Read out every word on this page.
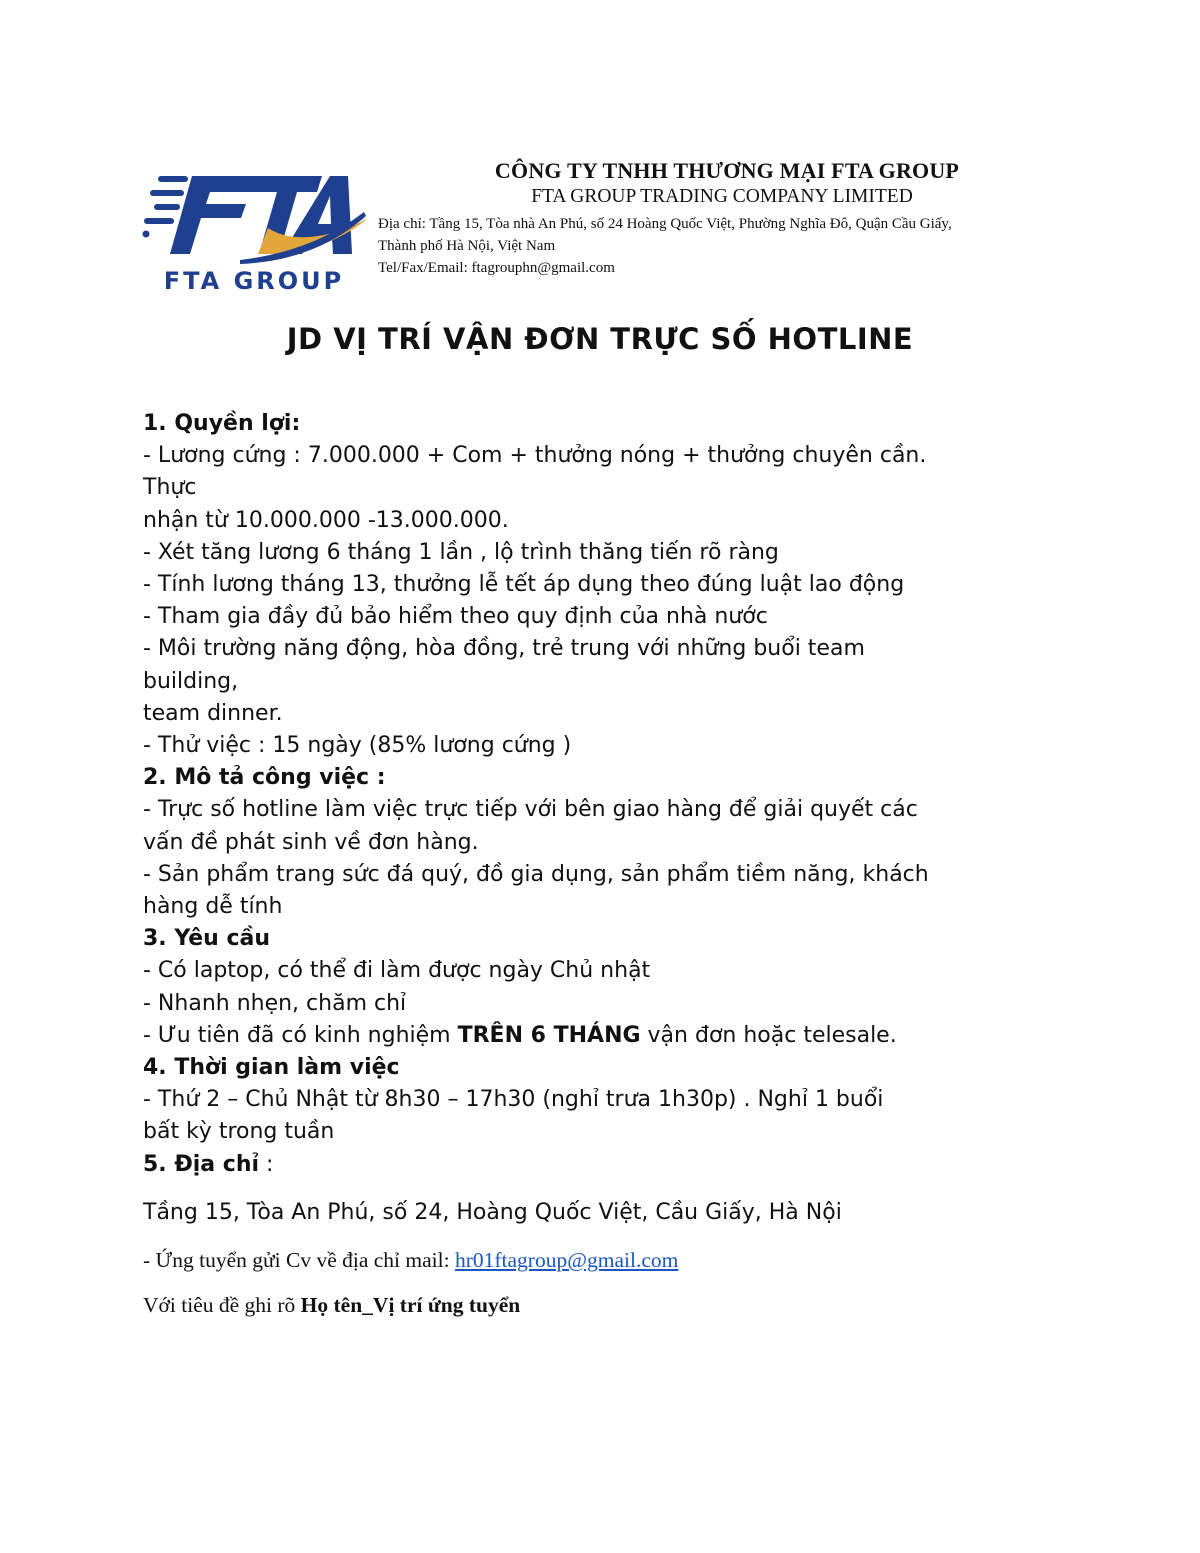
FTA GROUP
CÔNG TY TNHH THƯƠNG MẠI FTA GROUP
FTA GROUP TRADING COMPANY LIMITED
Địa chỉ: Tầng 15, Tòa nhà An Phú, số 24 Hoàng Quốc Việt, Phường Nghĩa Đô, Quận Cầu Giấy,
Thành phố Hà Nội, Việt Nam
Tel/Fax/Email: ftagrouphn@gmail.com
JD VỊ TRÍ VẬN ĐƠN TRỰC SỐ HOTLINE
1. Quyền lợi:
- Lương cứng : 7.000.000 + Com + thưởng nóng + thưởng chuyên cần.
Thực
nhận từ 10.000.000 -13.000.000.
- Xét tăng lương 6 tháng 1 lần , lộ trình thăng tiến rõ ràng
- Tính lương tháng 13, thưởng lễ tết áp dụng theo đúng luật lao động
- Tham gia đầy đủ bảo hiểm theo quy định của nhà nước
- Môi trường năng động, hòa đồng, trẻ trung với những buổi team
building,
team dinner.
- Thử việc : 15 ngày (85% lương cứng )
2. Mô tả công việc :
- Trực số hotline làm việc trực tiếp với bên giao hàng để giải quyết các
vấn đề phát sinh về đơn hàng.
- Sản phẩm trang sức đá quý, đồ gia dụng, sản phẩm tiềm năng, khách
hàng dễ tính
3. Yêu cầu
- Có laptop, có thể đi làm được ngày Chủ nhật
- Nhanh nhẹn, chăm chỉ
- Ưu tiên đã có kinh nghiệm TRÊN 6 THÁNG vận đơn hoặc telesale.
4. Thời gian làm việc
- Thứ 2 – Chủ Nhật từ 8h30 – 17h30 (nghỉ trưa 1h30p) . Nghỉ 1 buổi
bất kỳ trong tuần
5. Địa chỉ :
Tầng 15, Tòa An Phú, số 24, Hoàng Quốc Việt, Cầu Giấy, Hà Nội
- Ứng tuyển gửi Cv về địa chỉ mail: hr01ftagroup@gmail.com
Với tiêu đề ghi rõ Họ tên_Vị trí ứng tuyển
